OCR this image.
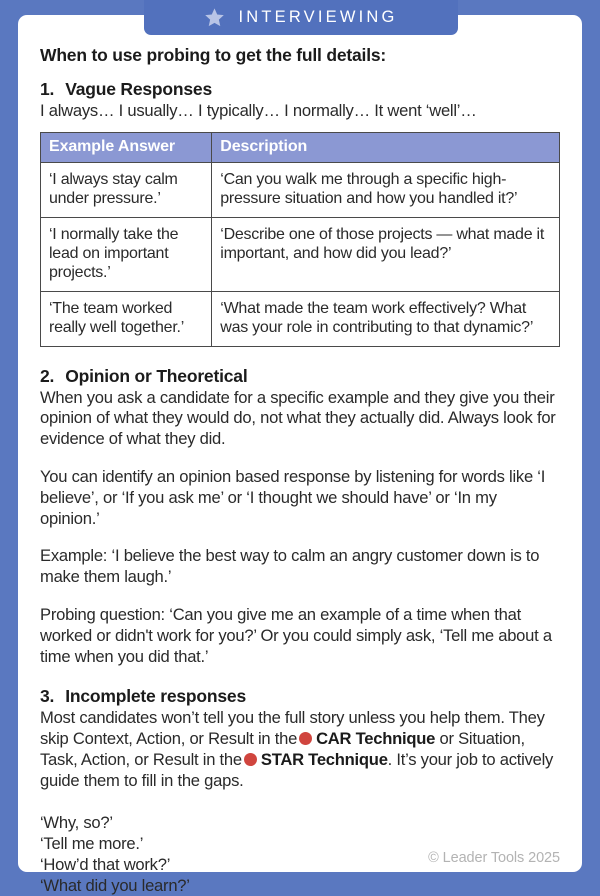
INTERVIEWING
When to use probing to get the full details:
1. Vague Responses
I always… I usually… I typically… I normally… It went ‘well’…
Example Answer	Description
‘I always stay calm under pressure.’	‘Can you walk me through a specific high-pressure situation and how you handled it?’
‘I normally take the lead on important projects.’	‘Describe one of those projects — what made it important, and how did you lead?’
‘The team worked really well together.’	‘What made the team work effectively? What was your role in contributing to that dynamic?’
2. Opinion or Theoretical

When you ask a candidate for a specific example and they give you their opinion of what they would do, not what they actually did. Always look for evidence of what they did.

You can identify an opinion based response by listening for words like ‘I believe’, or ‘If you ask me’ or ‘I thought we should have’ or ‘In my opinion.’

Example: ‘I believe the best way to calm an angry customer down is to make them laugh.’

Probing question: ‘Can you give me an example of a time when that worked or didn't work for you?’ Or you could simply ask, ‘Tell me about a time when you did that.’

3. Incomplete responses

Most candidates won’t tell you the full story unless you help them. They skip Context, Action, or Result in the CAR Technique or Situation, Task, Action, or Result in the STAR Technique. It’s your job to actively guide them to fill in the gaps.

‘Why, so?’
‘Tell me more.’
‘How’d that work?’
‘What did you learn?’
© Leader Tools 2025
